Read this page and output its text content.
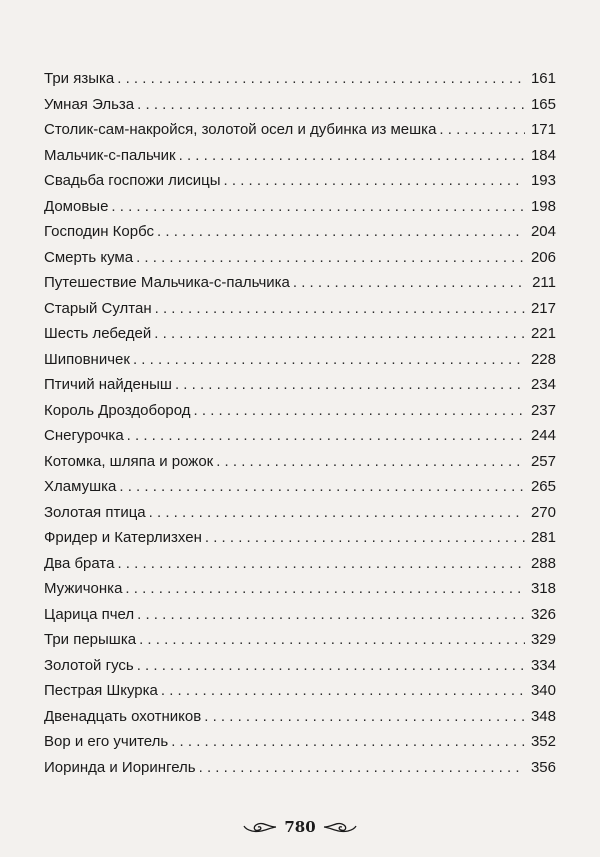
Три языка . . .	161
Умная Эльза . . .	165
Столик-сам-накройся, золотой осел и дубинка из мешка . . .	171
Мальчик-с-пальчик . . .	184
Свадьба госпожи лисицы . . .	193
Домовые . . .	198
Господин Корбс . . .	204
Смерть кума . . .	206
Путешествие Мальчика-с-пальчика . . .	211
Старый Султан . . .	217
Шесть лебедей . . .	221
Шиповничек . . .	228
Птичий найденыш . . .	234
Король Дроздобород . . .	237
Снегурочка . . .	244
Котомка, шляпа и рожок . . .	257
Хламушка . . .	265
Золотая птица . . .	270
Фридер и Катерлизхен . . .	281
Два брата . . .	288
Мужичонка . . .	318
Царица пчел . . .	326
Три перышка . . .	329
Золотой гусь . . .	334
Пестрая Шкурка . . .	340
Двенадцать охотников . . .	348
Вор и его учитель . . .	352
Иоринда и Иорингель . . .	356
780
